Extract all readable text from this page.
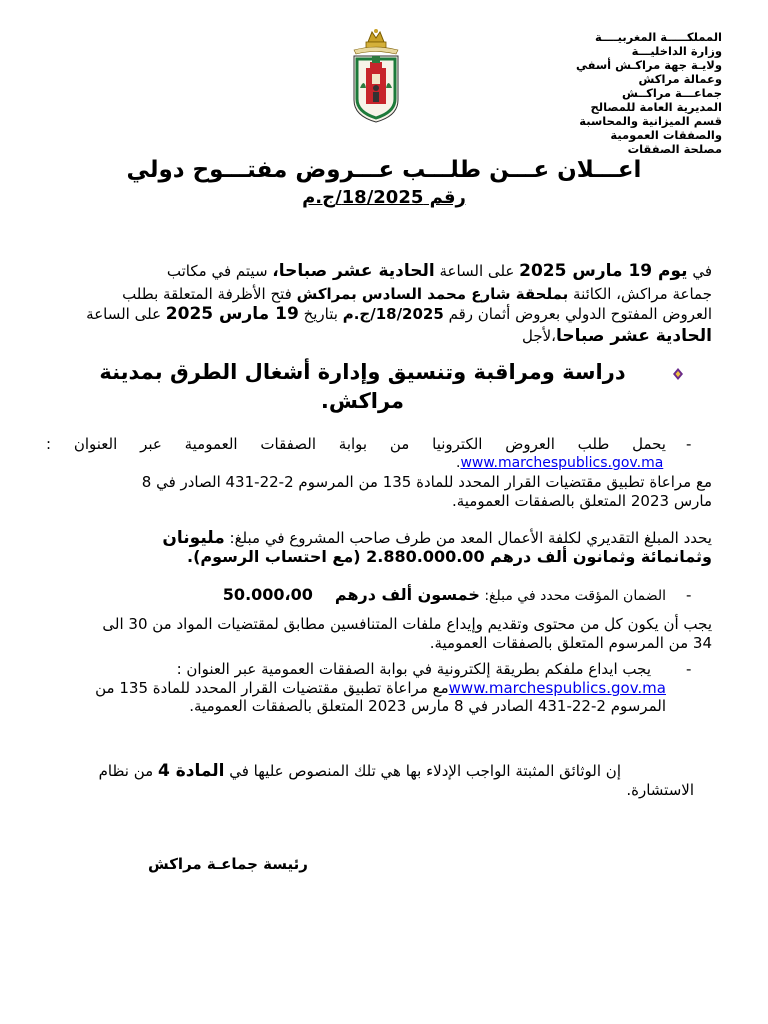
المملكـــــة المغربيــــة
وزارة الداخليـــة
ولايـة جهة مراكـش أسفي
وعمالة مراكش
جماعـــة مراكــش
المديرية العامة للمصالح
قسم الميزانية والمحاسبة
والصفقات العمومية
مصلحة الصفقات
اعـــلان عـــن طلـــب عـــروض مفتـــوح دولي
رقم 18/2025/ج.م
في يوم 19 مارس 2025 على الساعة الحادية عشر صباحا، سيتم في مكاتب
جماعة مراكش، الكائنة بملحقة شارع محمد السادس بمراكش فتح الأظرفة المتعلقة بطلب
العروض المفتوح الدولي بعروض أثمان رقم 18/2025/ج.م بتاريخ 19 مارس 2025 على الساعة
الحادية عشر صباحا،لأجل
دراسة ومراقبة وتنسيق وإدارة أشغال الطرق بمدينة
مراكش.
-
يحمل طلب العروض الكترونيا من بوابة الصفقات العمومية عبر العنوان :
.www.marchespublics.gov.ma
مع مراعاة تطبيق مقتضيات القرار المحدد للمادة 135 من المرسوم 2-22-431 الصادر في 8
مارس 2023 المتعلق بالصفقات العمومية.
يحدد المبلغ التقديري لكلفة الأعمال المعد من طرف صاحب المشروع في مبلغ: مليونان
وثمانمائة وثمانون ألف درهم 2.880.000.00 (مع احتساب الرسوم).
-
الضمان المؤقت محدد في مبلغ: خمسون ألف درهم50.000،00
يجب أن يكون كل من محتوى وتقديم وإيداع ملفات المتنافسين مطابق لمقتضيات المواد من 30 الى
34 من المرسوم المتعلق بالصفقات العمومية.
-
يجب ايداع ملفكم بطريقة إلكترونية في بوابة الصفقات العمومية عبر العنوان :
www.marchespublics.gov.maمع مراعاة تطبيق مقتضيات القرار المحدد للمادة 135 من
المرسوم 2-22-431 الصادر في 8 مارس 2023 المتعلق بالصفقات العمومية.
إن الوثائق المثبتة الواجب الإدلاء بها هي تلك المنصوص عليها في المادة 4 من نظام
الاستشارة.
رئيسة جماعـة مراكش
